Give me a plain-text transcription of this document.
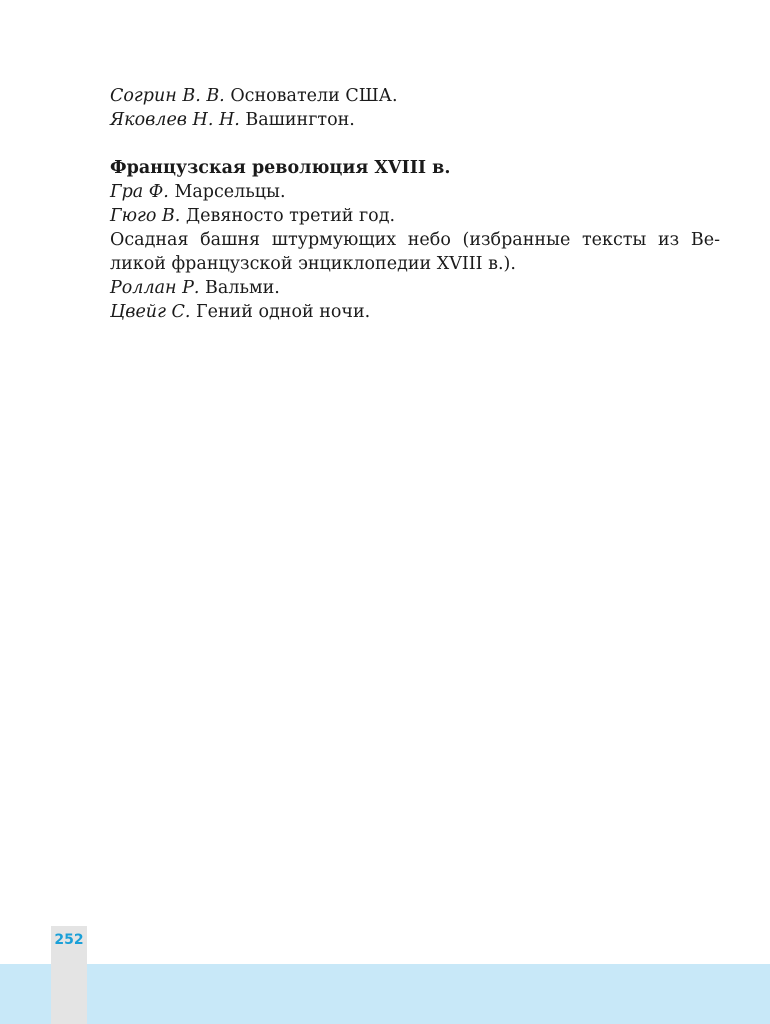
Согрин В. В. Основатели США.
Яковлев Н. Н. Вашингтон.
Французская революция XVIII в.
Гра Ф. Марсельцы.
Гюго В. Девяносто третий год.
Осадная башня штурмующих небо (избранные тексты из Ве-ликой французской энциклопедии XVIII в.).
Роллан Р. Вальми.
Цвейг С. Гений одной ночи.
252
